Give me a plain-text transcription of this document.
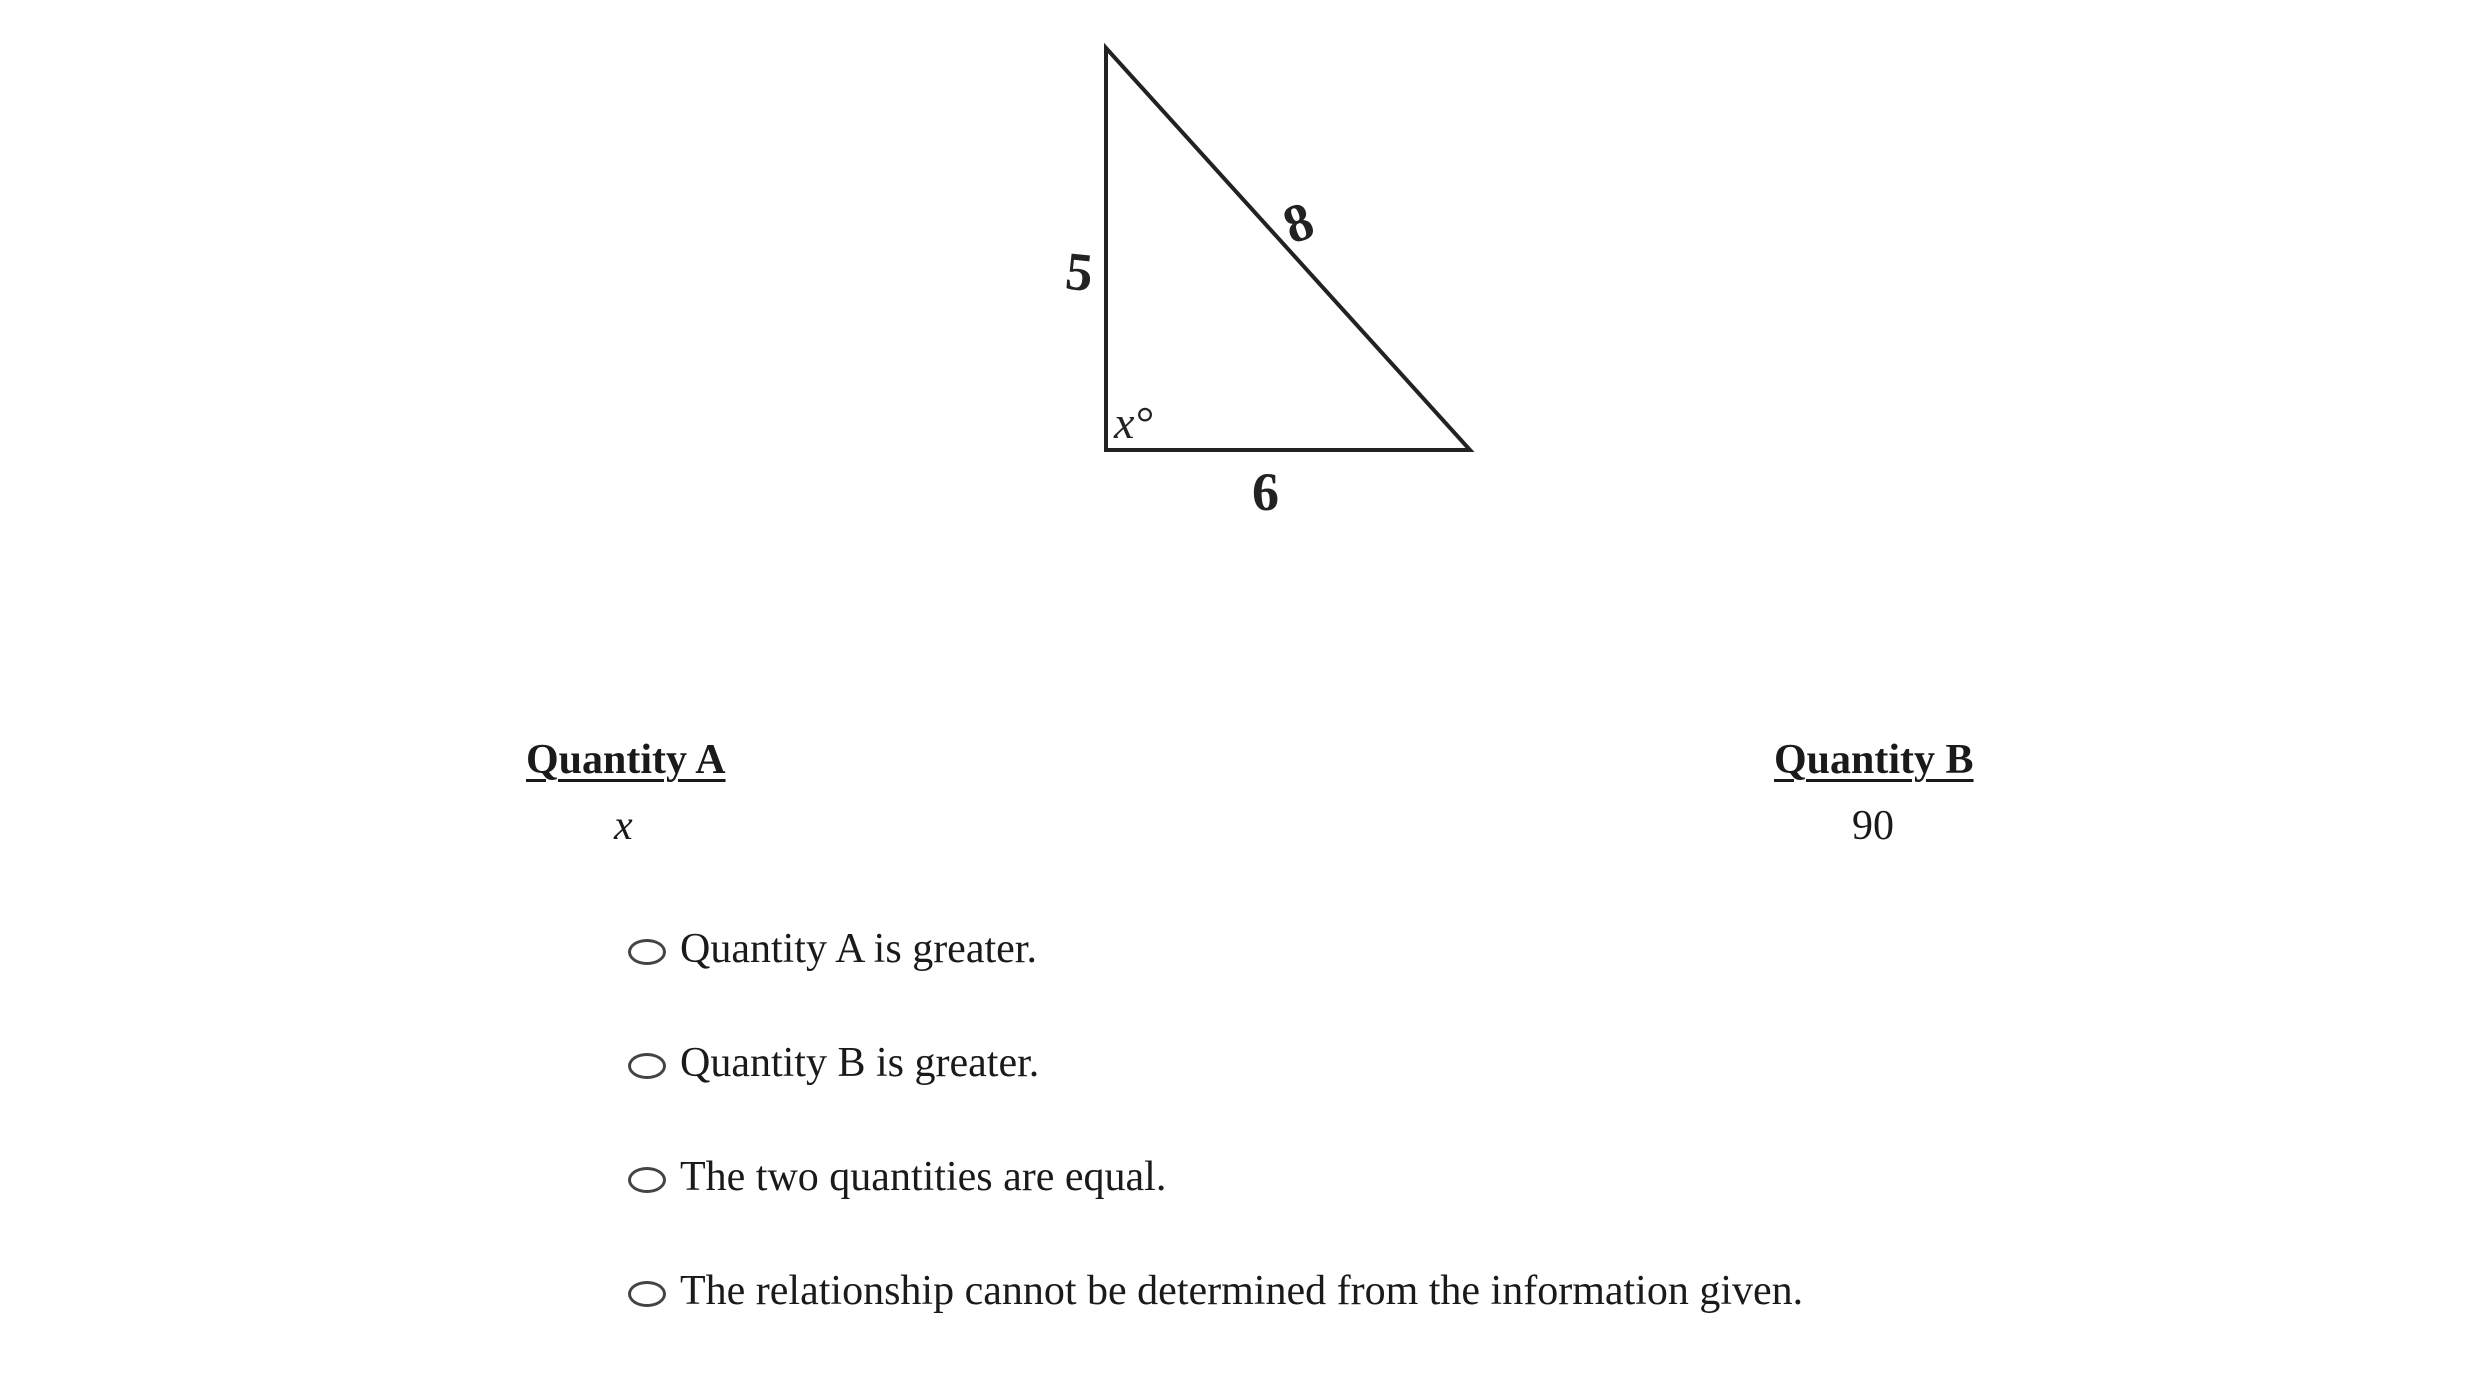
5
8
6
x°
Quantity A
x
Quantity B
90
Quantity A is greater.
Quantity B is greater.
The two quantities are equal.
The relationship cannot be determined from the information given.
